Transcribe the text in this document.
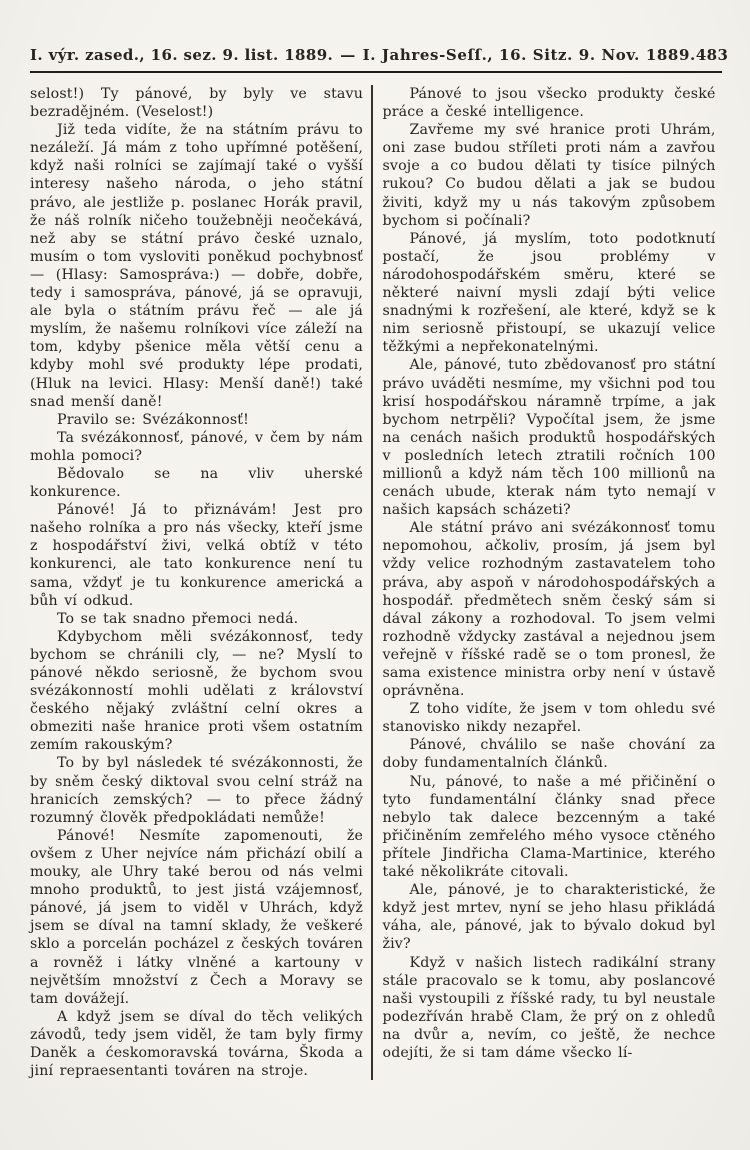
I. výr. zased., 16. sez. 9. list. 1889. — I. Jahres-Seſſ., 16. Sitz. 9. Nov. 1889. 483

selost!) Ty pánové, by byly ve stavu bezradějném. (Veselost!)

Již teda vidíte, že na státním právu to nezáleží. Já mám z toho upřímné potěšení, když naši rolníci se zajímají také o vyšší interesy našeho národa, o jeho státní právo, ale jestliže p. poslanec Horák pravil, že náš rolník ničeho toužebněji neočekává, než aby se státní právo české uznalo, musím o tom vysloviti poněkud pochybnosť — (Hlasy: Samospráva:) — dobře, dobře, tedy i samospráva, pánové, já se opravuji, ale byla o státním právu řeč — ale já myslím, že našemu rolníkovi více záleží na tom, kdyby pšenice měla větší cenu a kdyby mohl své produkty lépe prodati, (Hluk na levici. Hlasy: Menší daně!) také snad menší daně!

Pravilo se: Svézákonnosť!

Ta svézákonnosť, pánové, v čem by nám mohla pomoci?

Bědovalo se na vliv uherské konkurence.

Pánové! Já to přiznávám! Jest pro našeho rolníka a pro nás všecky, kteří jsme z hospodářství živi, velká obtíž v této konkurenci, ale tato konkurence není tu sama, vždyť je tu konkurence americká a bůh ví odkud.

To se tak snadno přemoci nedá.

Kdybychom měli svézákonnosť, tedy bychom se chránili cly, — ne? Myslí to pánové někdo seriosně, že bychom svou svézákonností mohli udělati z království českého nějaký zvláštní celní okres a obmeziti naše hranice proti všem ostatním zemím rakouským?

To by byl následek té svézákonnosti, že by sněm český diktoval svou celní stráž na hranicích zemských? — to přece žádný rozumný člověk předpokládati nemůže!

Pánové! Nesmíte zapomenouti, že ovšem z Uher nejvíce nám přichází obilí a mouky, ale Uhry také berou od nás velmi mnoho produktů, to jest jistá vzájemnosť, pánové, já jsem to viděl v Uhrách, když jsem se díval na tamní sklady, že veškeré sklo a porcelán pocházel z českých továren a rovněž i látky vlněné a kartouny v největším množství z Čech a Moravy se tam dovážejí.

A když jsem se díval do těch velikých závodů, tedy jsem viděl, že tam byly firmy Daněk a ćeskomoravská továrna, Škoda a jiní repraesentanti továren na stroje.

Pánové to jsou všecko produkty české práce a české intelligence.

Zavřeme my své hranice proti Uhrám, oni zase budou stříleti proti nám a zavřou svoje a co budou dělati ty tisíce pilných rukou? Co budou dělati a jak se budou živiti, když my u nás takovým způsobem bychom si počínali?

Pánové, já myslím, toto podotknutí postačí, že jsou problémy v národohospodářském směru, které se některé naivní mysli zdají býti velice snadnými k rozřešení, ale které, když se k nim seriosně přistoupí, se ukazují velice těžkými a nepřekonatelnými.

Ale, pánové, tuto zbědovanosť pro státní právo uváděti nesmíme, my všichni pod tou krisí hospodářskou náramně trpíme, a jak bychom netrpěli? Vypočítal jsem, že jsme na cenách našich produktů hospodářských v posledních letech ztratili ročních 100 millionů a když nám těch 100 millionů na cenách ubude, kterak nám tyto nemají v našich kapsách scházeti?

Ale státní právo ani svézákonnosť tomu nepomohou, ačkoliv, prosím, já jsem byl vždy velice rozhodným zastavatelem toho práva, aby aspoň v národohospodářských a hospodář. předmětech sněm český sám si dával zákony a rozhodoval. To jsem velmi rozhodně vždycky zastával a nejednou jsem veřejně v říšské radě se o tom pronesl, že sama existence ministra orby není v ústavě oprávněna.

Z toho vidíte, že jsem v tom ohledu své stanovisko nikdy nezapřel.

Pánové, chválilo se naše chování za doby fundamentalních článků.

Nu, pánové, to naše a mé přičinění o tyto fundamentální články snad přece nebylo tak dalece bezcenným a také přičiněním zemřelého mého vysoce ctěného přítele Jindřicha Clama-Martinice, kterého také několikráte citovali.

Ale, pánové, je to charakteristické, že když jest mrtev, nyní se jeho hlasu přikládá váha, ale, pánové, jak to bývalo dokud byl živ?

Když v našich listech radikální strany stále pracovalo se k tomu, aby poslancové naši vystoupili z říšské rady, tu byl neustale podezříván hrabě Clam, že prý on z ohledů na dvůr a, nevím, co ještě, že nechce odejíti, že si tam dáme všecko lí-
